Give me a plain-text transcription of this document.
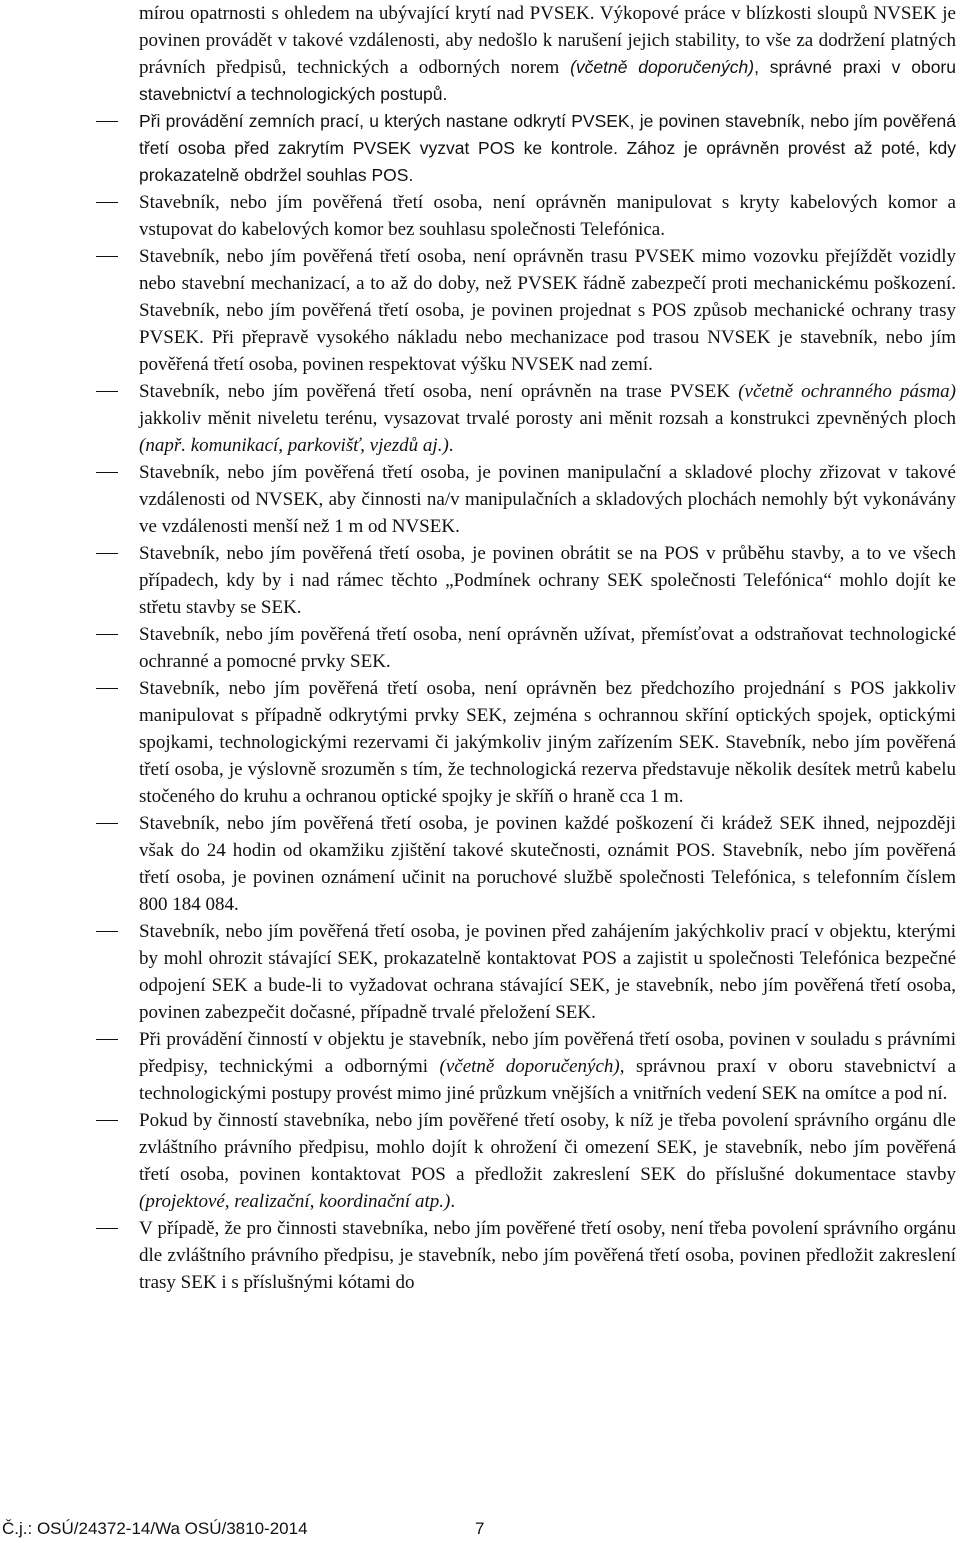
mírou opatrnosti s ohledem na ubývající krytí nad PVSEK. Výkopové práce v blízkosti sloupů NVSEK je povinen provádět v takové vzdálenosti, aby nedošlo k narušení jejich stability, to vše za dodržení platných právních předpisů, technických a odborných norem (včetně doporučených), správné praxi v oboru stavebnictví a technologických postupů.
Při provádění zemních prací, u kterých nastane odkrytí PVSEK, je povinen stavebník, nebo jím pověřená třetí osoba před zakrytím PVSEK vyzvat POS ke kontrole. Zához je oprávněn provést až poté, kdy prokazatelně obdržel souhlas POS.
Stavebník, nebo jím pověřená třetí osoba, není oprávněn manipulovat s kryty kabelových komor a vstupovat do kabelových komor bez souhlasu společnosti Telefónica.
Stavebník, nebo jím pověřená třetí osoba, není oprávněn trasu PVSEK mimo vozovku přejíždět vozidly nebo stavební mechanizací, a to až do doby, než PVSEK řádně zabezpečí proti mechanickému poškození. Stavebník, nebo jím pověřená třetí osoba, je povinen projednat s POS způsob mechanické ochrany trasy PVSEK. Při přepravě vysokého nákladu nebo mechanizace pod trasou NVSEK je stavebník, nebo jím pověřená třetí osoba, povinen respektovat výšku NVSEK nad zemí.
Stavebník, nebo jím pověřená třetí osoba, není oprávněn na trase PVSEK (včetně ochranného pásma) jakkoliv měnit niveletu terénu, vysazovat trvalé porosty ani měnit rozsah a konstrukci zpevněných ploch (např. komunikací, parkovišť, vjezdů aj.).
Stavebník, nebo jím pověřená třetí osoba, je povinen manipulační a skladové plochy zřizovat v takové vzdálenosti od NVSEK, aby činnosti na/v manipulačních a skladových plochách nemohly být vykonávány ve vzdálenosti menší než 1 m od NVSEK.
Stavebník, nebo jím pověřená třetí osoba, je povinen obrátit se na POS v průběhu stavby, a to ve všech případech, kdy by i nad rámec těchto „Podmínek ochrany SEK společnosti Telefónica“ mohlo dojít ke střetu stavby se SEK.
Stavebník, nebo jím pověřená třetí osoba, není oprávněn užívat, přemísťovat a odstraňovat technologické ochranné a pomocné prvky SEK.
Stavebník, nebo jím pověřená třetí osoba, není oprávněn bez předchozího projednání s POS jakkoliv manipulovat s případně odkrytými prvky SEK, zejména s ochrannou skříní optických spojek, optickými spojkami, technologickými rezervami či jakýmkoliv jiným zařízením SEK. Stavebník, nebo jím pověřená třetí osoba, je výslovně srozuměn s tím, že technologická rezerva představuje několik desítek metrů kabelu stočeného do kruhu a ochranou optické spojky je skříň o hraně cca 1 m.
Stavebník, nebo jím pověřená třetí osoba, je povinen každé poškození či krádež SEK ihned, nejpozději však do 24 hodin od okamžiku zjištění takové skutečnosti, oznámit POS. Stavebník, nebo jím pověřená třetí osoba, je povinen oznámení učinit na poruchové službě společnosti Telefónica, s telefonním číslem 800 184 084.
Stavebník, nebo jím pověřená třetí osoba, je povinen před zahájením jakýchkoliv prací v objektu, kterými by mohl ohrozit stávající SEK, prokazatelně kontaktovat POS a zajistit u společnosti Telefónica bezpečné odpojení SEK a bude-li to vyžadovat ochrana stávající SEK, je stavebník, nebo jím pověřená třetí osoba, povinen zabezpečit dočasné, případně trvalé přeložení SEK.
Při provádění činností v objektu je stavebník, nebo jím pověřená třetí osoba, povinen v souladu s právními předpisy, technickými a odbornými (včetně doporučených), správnou praxí v oboru stavebnictví a technologickými postupy provést mimo jiné průzkum vnějších a vnitřních vedení SEK na omítce a pod ní.
Pokud by činností stavebníka, nebo jím pověřené třetí osoby, k níž je třeba povolení správního orgánu dle zvláštního právního předpisu, mohlo dojít k ohrožení či omezení SEK, je stavebník, nebo jím pověřená třetí osoba, povinen kontaktovat POS a předložit zakreslení SEK do příslušné dokumentace stavby (projektové, realizační, koordinační atp.).
V případě, že pro činnosti stavebníka, nebo jím pověřené třetí osoby, není třeba povolení správního orgánu dle zvláštního právního předpisu, je stavebník, nebo jím pověřená třetí osoba, povinen předložit zakreslení trasy SEK i s příslušnými kótami do
Č.j.: OSÚ/24372-14/Wa OSÚ/3810-2014	7
